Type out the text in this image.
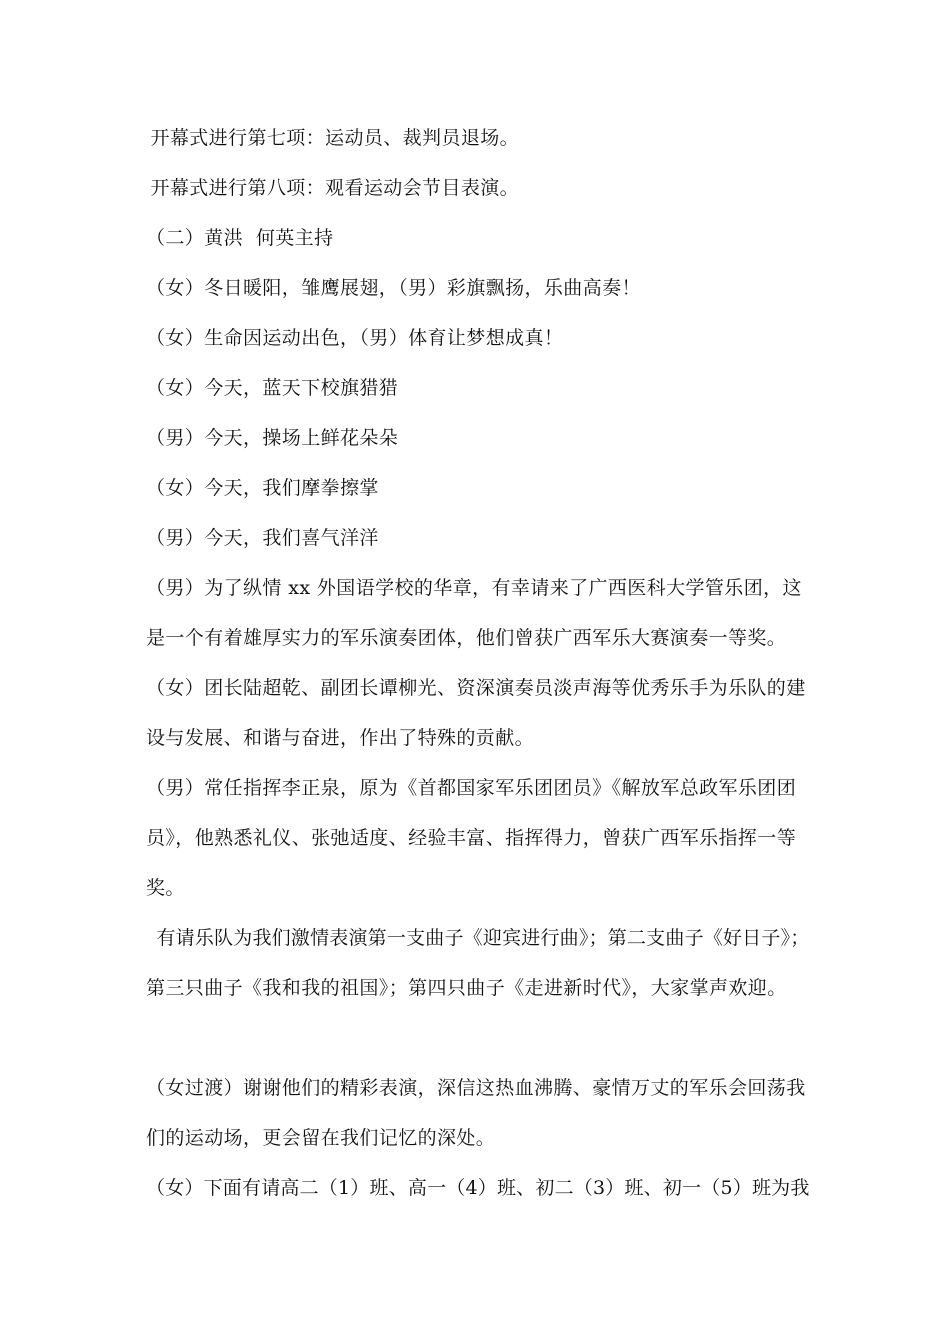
开幕式进行第七项：运动员、裁判员退场。
开幕式进行第八项：观看运动会节目表演。
（二）黄洪  何英主持
（女）冬日暖阳，雏鹰展翅，（男）彩旗飘扬，乐曲高奏！
（女）生命因运动出色，（男）体育让梦想成真！
（女）今天，蓝天下校旗猎猎
（男）今天，操场上鲜花朵朵
（女）今天，我们摩拳擦掌
（男）今天，我们喜气洋洋
（男）为了纵情 xx 外国语学校的华章，有幸请来了广西医科大学管乐团，这
是一个有着雄厚实力的军乐演奏团体，他们曾获广西军乐大赛演奏一等奖。
（女）团长陆超乾、副团长谭柳光、资深演奏员淡声海等优秀乐手为乐队的建
设与发展、和谐与奋进，作出了特殊的贡献。
（男）常任指挥李正泉，原为《首都国家军乐团团员》《解放军总政军乐团团
员》，他熟悉礼仪、张弛适度、经验丰富、指挥得力，曾获广西军乐指挥一等
奖。
有请乐队为我们激情表演第一支曲子《迎宾进行曲》；第二支曲子《好日子》；
第三只曲子《我和我的祖国》；第四只曲子《走进新时代》，大家掌声欢迎。
（女过渡）谢谢他们的精彩表演，深信这热血沸腾、豪情万丈的军乐会回荡我
们的运动场，更会留在我们记忆的深处。
（女）下面有请高二（1）班、高一（4）班、初二（3）班、初一（5）班为我
